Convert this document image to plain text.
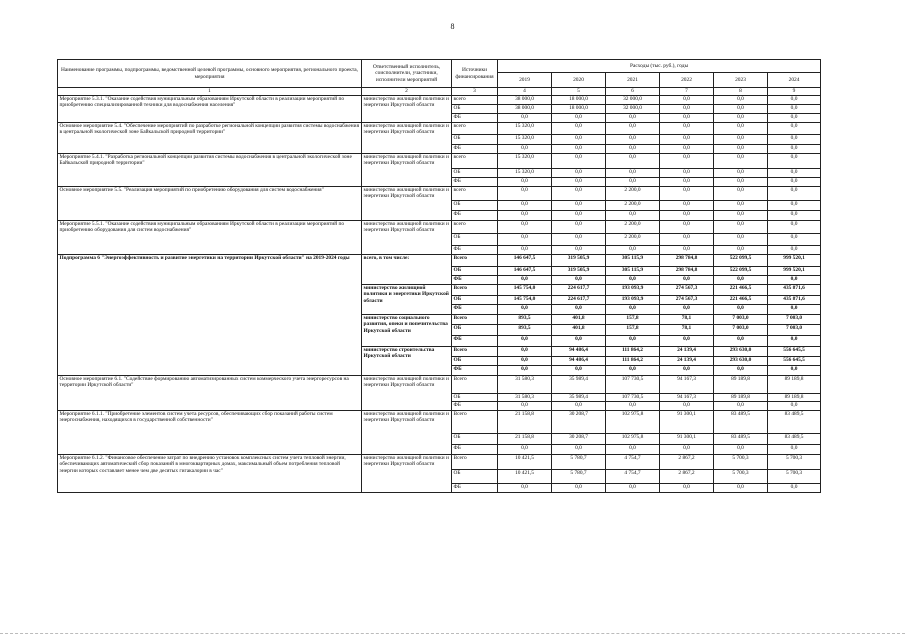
8
Наименование программы, подпрограммы, ведомственной целевой программы, основного мероприятия, регионального проекта, мероприятия	Ответственный исполнитель, соисполнители, участники, исполнители мероприятий	Источники финансирования	Расходы (тыс. руб.), годы					
			2019	2020	2021	2022	2023	2024
1	2	3	4	5	6	7	8	9
Мероприятие 5.3.1. "Оказание содействия муниципальным образованиям Иркутской области в реализации мероприятий по приобретению специализированной техники для водоснабжения населения"	министерство жилищной политики и энергетики Иркутской области	всего	38 000,0	18 000,0	32 000,0	0,0	0,0	0,0
		ОБ	38 000,0	18 000,0	32 000,0	0,0	0,0	0,0
		ФБ	0,0	0,0	0,0	0,0	0,0	0,0
Основное мероприятие 5.4. "Обеспечение мероприятий по разработке региональной концепции развития системы водоснабжения в центральной экологической зоне Байкальской природной территории"	министерство жилищной политики и энергетики Иркутской области	всего	15 320,0	0,0	0,0	0,0	0,0	0,0
		ОБ	15 320,0	0,0	0,0	0,0	0,0	0,0
		ФБ	0,0	0,0	0,0	0,0	0,0	0,0
Мероприятие 5.4.1. "Разработка региональной концепции развития системы водоснабжения в центральной экологической зоне Байкальской природной территории"	министерство жилищной политики и энергетики Иркутской области	всего	15 320,0	0,0	0,0	0,0	0,0	0,0
		ОБ	15 320,0	0,0	0,0	0,0	0,0	0,0
		ФБ	0,0	0,0	0,0	0,0	0,0	0,0
Основное мероприятие 5.5. "Реализация мероприятий по приобретению оборудования для систем водоснабжения"	министерство жилищной политики и энергетики Иркутской области	всего	0,0	0,0	2 200,0	0,0	0,0	0,0
		ОБ	0,0	0,0	2 200,0	0,0	0,0	0,0
		ФБ	0,0	0,0	0,0	0,0	0,0	0,0
Мероприятие 5.5.1. "Оказание содействия муниципальным образованиям Иркутской области в реализации мероприятий по приобретению оборудования для систем водоснабжения"	министерство жилищной политики и энергетики Иркутской области	всего	0,0	0,0	2 200,0	0,0	0,0	0,0
		ОБ	0,0	0,0	2 200,0	0,0	0,0	0,0
		ФБ	0,0	0,0	0,0	0,0	0,0	0,0
Подпрограмма 6 "Энергоэффективность и развитие энергетики на территории Иркутской области" на 2019-2024 годы	всего, в том числе:	Всего	146 647,5	319 505,9	305 115,9	298 784,8	522 099,5	999 520,1
		ОБ	146 647,5	319 505,9	305 115,9	298 784,8	522 099,5	999 520,1
		ФБ	0,0	0,0	0,0	0,0	0,0	0,0
	министерство жилищной политики и энергетики Иркутской области	Всего	145 754,0	224 617,7	193 093,9	274 567,3	221 466,5	435 871,6
		ОБ	145 754,0	224 617,7	193 093,9	274 567,3	221 466,5	435 871,6
		ФБ	0,0	0,0	0,0	0,0	0,0	0,0
	министерство социального развития, опеки и попечительства Иркутской области	Всего	893,5	401,8	157,8	78,1	7 003,0	7 003,0
		ОБ	893,5	401,8	157,8	78,1	7 003,0	7 003,0
		ФБ	0,0	0,0	0,0	0,0	0,0	0,0
	министерство строительства Иркутской области	Всего	0,0	94 486,4	111 864,2	24 139,4	293 630,0	556 645,5
		ОБ	0,0	94 486,4	111 864,2	24 139,4	293 630,0	556 645,5
		ФБ	0,0	0,0	0,0	0,0	0,0	0,0
Основное мероприятие 6.1. "Содействие формированию автоматизированных систем коммерческого учета энергоресурсов на территории Иркутской области"	министерство жилищной политики и энергетики Иркутской области	Всего	31 580,3	35 989,4	107 730,5	94 167,3	89 189,8	89 189,8
		ОБ	31 580,3	35 989,4	107 730,5	94 167,3	89 189,8	89 189,8
		ФБ	0,0	0,0	0,0	0,0	0,0	0,0
Мероприятие 6.1.1. "Приобретение элементов систем учета ресурсов, обеспечивающих сбор показаний работы систем энергоснабжения, находящихся в государственной собственности"	министерство жилищной политики и энергетики Иркутской области	Всего	21 158,8	30 208,7	102 975,8	91 300,1	83 489,5	83 489,5
		ОБ	21 158,8	30 208,7	102 975,8	91 300,1	83 489,5	83 489,5
		ФБ	0,0	0,0	0,0	0,0	0,0	0,0
Мероприятие 6.1.2. "Финансовое обеспечение затрат по внедрению установок комплексных систем учета тепловой энергии, обеспечивающих автоматический сбор показаний в многоквартирных домах, максимальный объем потребления тепловой энергии которых составляет менее чем две десятых гигакалории в час"	министерство жилищной политики и энергетики Иркутской области	Всего	10 421,5	5 780,7	4 754,7	2 867,2	5 700,3	5 700,3
		ОБ	10 421,5	5 780,7	4 754,7	2 867,2	5 700,3	5 700,3
		ФБ	0,0	0,0	0,0	0,0	0,0	0,0
